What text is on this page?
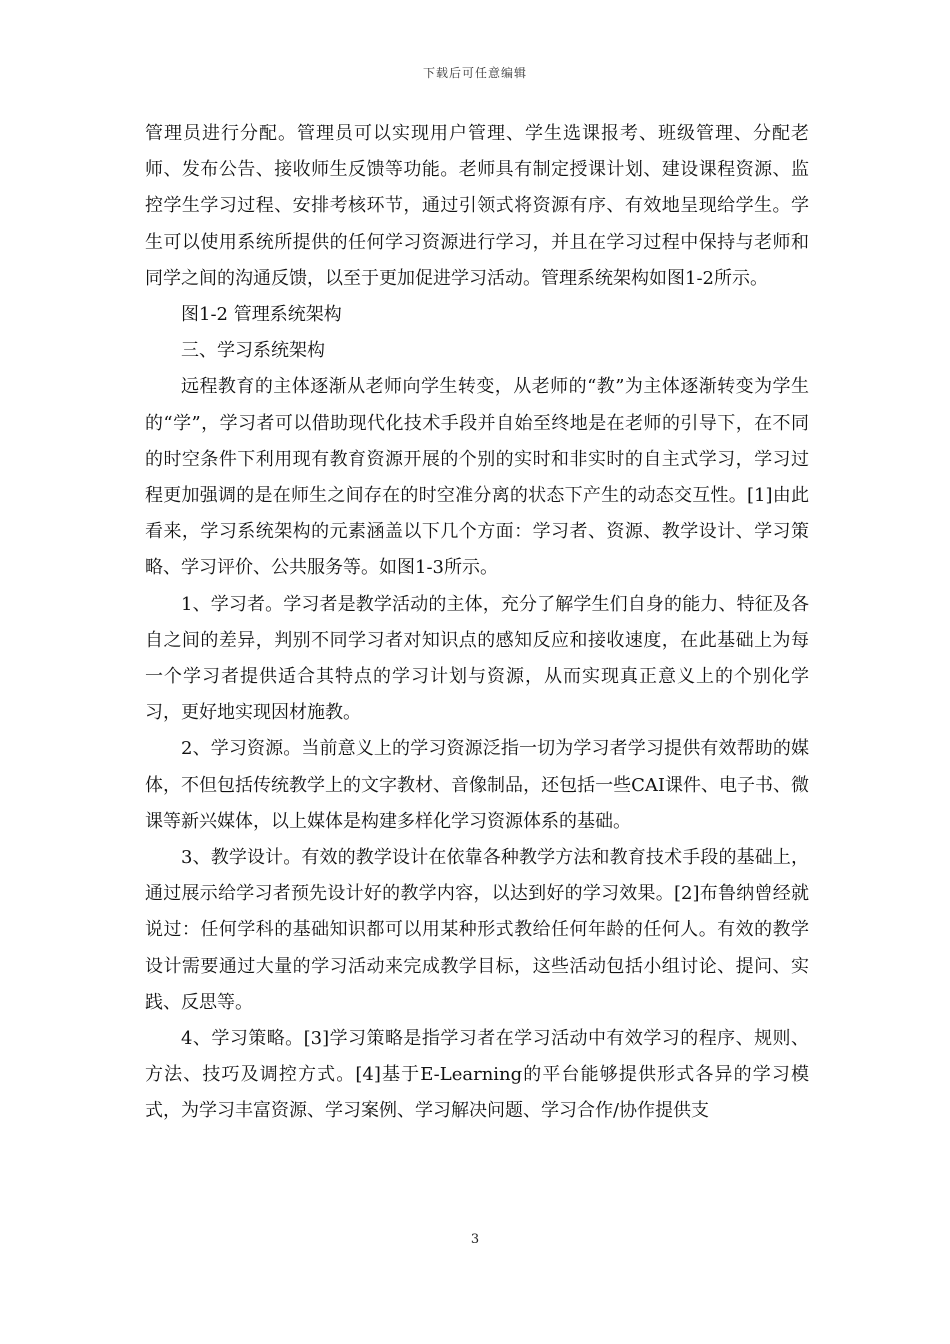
下载后可任意编辑

管理员进行分配。管理员可以实现用户管理、学生选课报考、班级管理、分配老师、发布公告、接收师生反馈等功能。老师具有制定授课计划、建设课程资源、监控学生学习过程、安排考核环节，通过引领式将资源有序、有效地呈现给学生。学生可以使用系统所提供的任何学习资源进行学习，并且在学习过程中保持与老师和同学之间的沟通反馈，以至于更加促进学习活动。管理系统架构如图1-2所示。

图1-2 管理系统架构

三、学习系统架构

远程教育的主体逐渐从老师向学生转变，从老师的“教”为主体逐渐转变为学生的“学”，学习者可以借助现代化技术手段并自始至终地是在老师的引导下，在不同的时空条件下利用现有教育资源开展的个别的实时和非实时的自主式学习，学习过程更加强调的是在师生之间存在的时空准分离的状态下产生的动态交互性。[1]由此看来，学习系统架构的元素涵盖以下几个方面：学习者、资源、教学设计、学习策略、学习评价、公共服务等。如图1-3所示。

1、学习者。学习者是教学活动的主体，充分了解学生们自身的能力、特征及各自之间的差异，判别不同学习者对知识点的感知反应和接收速度，在此基础上为每一个学习者提供适合其特点的学习计划与资源，从而实现真正意义上的个别化学习，更好地实现因材施教。

2、学习资源。当前意义上的学习资源泛指一切为学习者学习提供有效帮助的媒体，不但包括传统教学上的文字教材、音像制品，还包括一些CAI课件、电子书、微课等新兴媒体，以上媒体是构建多样化学习资源体系的基础。

3、教学设计。有效的教学设计在依靠各种教学方法和教育技术手段的基础上，通过展示给学习者预先设计好的教学内容，以达到好的学习效果。[2]布鲁纳曾经就说过：任何学科的基础知识都可以用某种形式教给任何年龄的任何人。有效的教学设计需要通过大量的学习活动来完成教学目标，这些活动包括小组讨论、提问、实践、反思等。

4、学习策略。[3]学习策略是指学习者在学习活动中有效学习的程序、规则、方法、技巧及调控方式。[4]基于E-Learning的平台能够提供形式各异的学习模式，为学习丰富资源、学习案例、学习解决问题、学习合作/协作提供支

3
